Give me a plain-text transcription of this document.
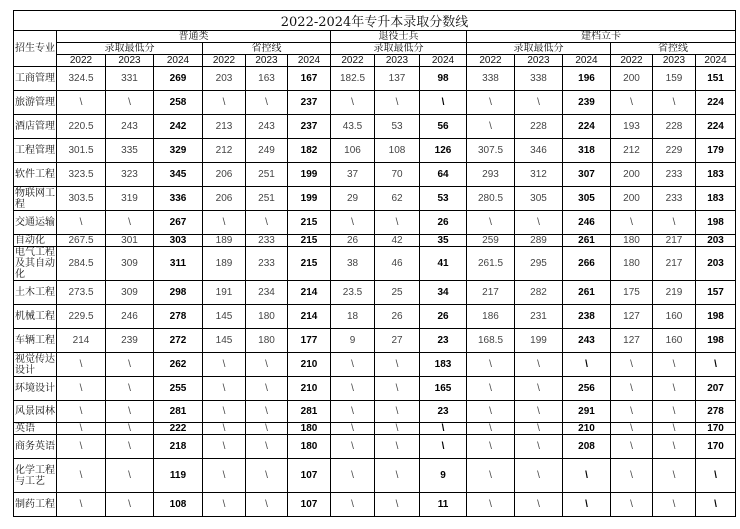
2022-2024年专升本录取分数线															
招生专业	普通类						退役士兵			建档立卡					
	录取最低分			省控线			录取最低分			录取最低分			省控线		
	2022	2023	2024	2022	2023	2024	2022	2023	2024	2022	2023	2024	2022	2023	2024
工商管理	324.5	331	269	203	163	167	182.5	137	98	338	338	196	200	159	151
旅游管理	\	\	258	\	\	237	\	\	\	\	\	239	\	\	224
酒店管理	220.5	243	242	213	243	237	43.5	53	56	\	228	224	193	228	224
工程管理	301.5	335	329	212	249	182	106	108	126	307.5	346	318	212	229	179
软件工程	323.5	323	345	206	251	199	37	70	64	293	312	307	200	233	183
物联网工程	303.5	319	336	206	251	199	29	62	53	280.5	305	305	200	233	183
交通运输	\	\	267	\	\	215	\	\	26	\	\	246	\	\	198
自动化	267.5	301	303	189	233	215	26	42	35	259	289	261	180	217	203
电气工程及其自动化	284.5	309	311	189	233	215	38	46	41	261.5	295	266	180	217	203
土木工程	273.5	309	298	191	234	214	23.5	25	34	217	282	261	175	219	157
机械工程	229.5	246	278	145	180	214	18	26	26	186	231	238	127	160	198
车辆工程	214	239	272	145	180	177	9	27	23	168.5	199	243	127	160	198
视觉传达设计	\	\	262	\	\	210	\	\	183	\	\	\	\	\	\
环境设计	\	\	255	\	\	210	\	\	165	\	\	256	\	\	207
风景园林	\	\	281	\	\	281	\	\	23	\	\	291	\	\	278
英语	\	\	222	\	\	180	\	\	\	\	\	210	\	\	170
商务英语	\	\	218	\	\	180	\	\	\	\	\	208	\	\	170
化学工程与工艺	\	\	119	\	\	107	\	\	9	\	\	\	\	\	\
制药工程	\	\	108	\	\	107	\	\	11	\	\	\	\	\	\
